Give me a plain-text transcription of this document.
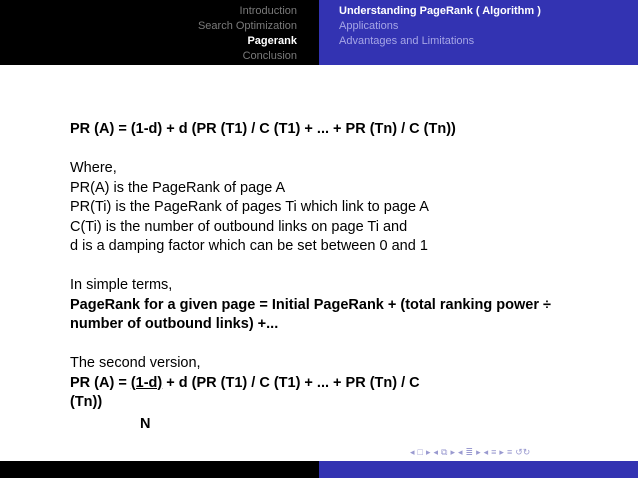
Introduction
Search Optimization
Pagerank
Conclusion
Understanding PageRank ( Algorithm )
Applications
Advantages and Limitations
PR (A) = (1-d) + d (PR (T1) / C (T1) + ... + PR (Tn) / C (Tn))
Where,
PR(A) is the PageRank of page A
PR(Ti) is the PageRank of pages Ti which link to page A
C(Ti) is the number of outbound links on page Ti and
d is a damping factor which can be set between 0 and 1
In simple terms,
PageRank for a given page = Initial PageRank + (total ranking power ÷
number of outbound links) +...
The second version,
PR (A) = (1-d) + d (PR (T1) / C (T1) + ... + PR (Tn) / C
(Tn))
N
◂ □ ▸ ◂ ⧉ ▸ ◂ ≣ ▸ ◂ ≡ ▸ ≡ ↺↻
